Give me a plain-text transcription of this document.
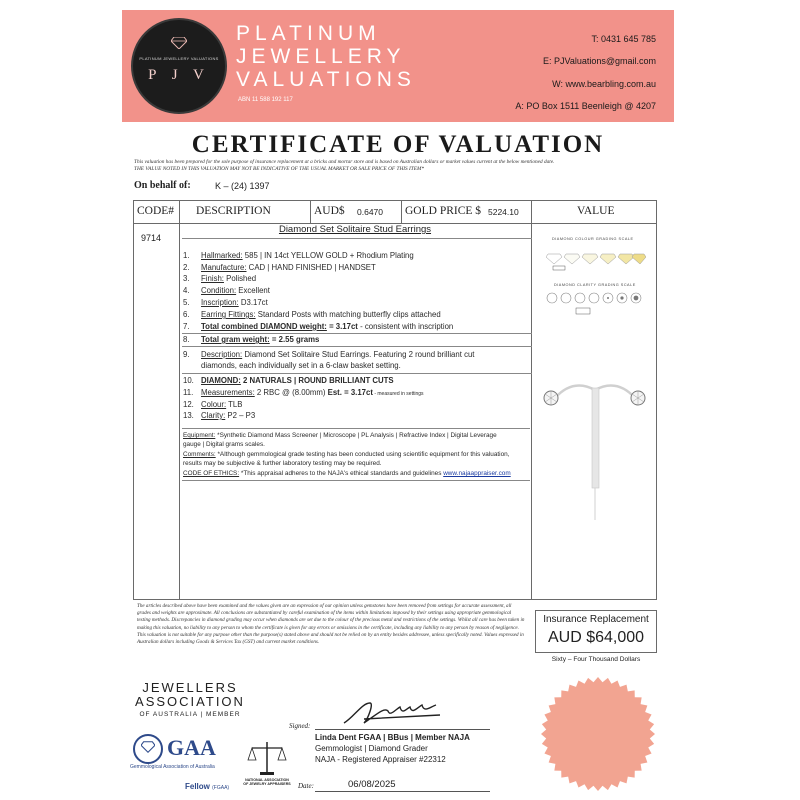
PLATINUM JEWELLERY VALUATIONS
P J V
PLATINUM
JEWELLERY
VALUATIONS
ABN 11 588 192 117
T: 0431 645 785
E: PJValuations@gmail.com
W: www.bearbling.com.au
A: PO Box 1511 Beenleigh @ 4207
CERTIFICATE OF VALUATION
This valuation has been prepared for the sole purpose of insurance replacement at a bricks and mortar store and is based on Australian dollars or market values current at the below mentioned date.
THE VALUE NOTED IN THIS VALUATION MAY NOT BE INDICATIVE OF THE USUAL MARKET OR SALE PRICE OF THIS ITEM*
On behalf of:	K – (24) 1397
CODE# DESCRIPTION	AUD$ 0.6470 GOLD PRICE $ 5224.10	VALUE
9714
Diamond Set Solitaire Stud Earrings
1. Hallmarked: 585 | IN 14ct YELLOW GOLD + Rhodium Plating
2. Manufacture: CAD | HAND FINISHED | HANDSET
3. Finish: Polished
4. Condition: Excellent
5. Inscription: D3.17ct
6. Earring Fittings: Standard Posts with matching butterfly clips attached
7. Total combined DIAMOND weight: = 3.17ct - consistent with inscription
8. Total gram weight: = 2.55 grams
9. Description: Diamond Set Solitaire Stud Earrings. Featuring 2 round brilliant cut
diamonds, each individually set in a 6-claw basket setting.
10. DIAMOND: 2 NATURALS | ROUND BRILLIANT CUTS
11. Measurements: 2 RBC @ (8.00mm) Est. = 3.17ct - measured in settings
12. Colour: TLB
13. Clarity: P2 – P3
Equipment: *Synthetic Diamond Mass Screener | Microscope | PL Analysis | Refractive Index | Digital Leverage
gauge | Digital grams scales.
Comments: *Although gemmological grade testing has been conducted using scientific equipment for this valuation,
results may be subjective & further laboratory testing may be required.
CODE OF ETHICS: *This appraisal adheres to the NAJA's ethical standards and guidelines www.najaappraiser.com
DIAMOND COLOUR GRADING SCALE
DIAMOND CLARITY GRADING SCALE
The articles described above have been examined and the values given are an expression of our opinion unless gemstones have been removed from settings for accurate assessment, all grades and weights are approximate. All conclusions are substantiated by careful examination of the items within limitations imposed by their settings using appropriate gemmological testing methods. Discrepancies in diamond grading may occur when diamonds are set due to the colour of the precious metal and restrictions of the settings. Whilst all care has been taken in making this valuation, no liability to any person to whom the certificate is given for any errors or omissions in the certificate, including any liability to any person by reason of negligence. This valuation is not suitable for any purpose other than the purpose(s) stated above and should not be relied on by an entity besides addressee, unless specifically noted. Values expressed in Australian dollars including Goods & Services Tax (GST) and current market conditions.
Insurance Replacement
AUD $64,000
Sixty – Four Thousand Dollars
JEWELLERS
ASSOCIATION
OF AUSTRALIA | MEMBER
GAA
Gemmological Association of Australia
Fellow (FGAA)
NATIONAL ASSOCIATION OF JEWELRY APPRAISERS
Signed:
Linda Dent FGAA | BBus | Member NAJA
Gemmologist | Diamond Grader
NAJA - Registered Appraiser #22312
Date:	06/08/2025
